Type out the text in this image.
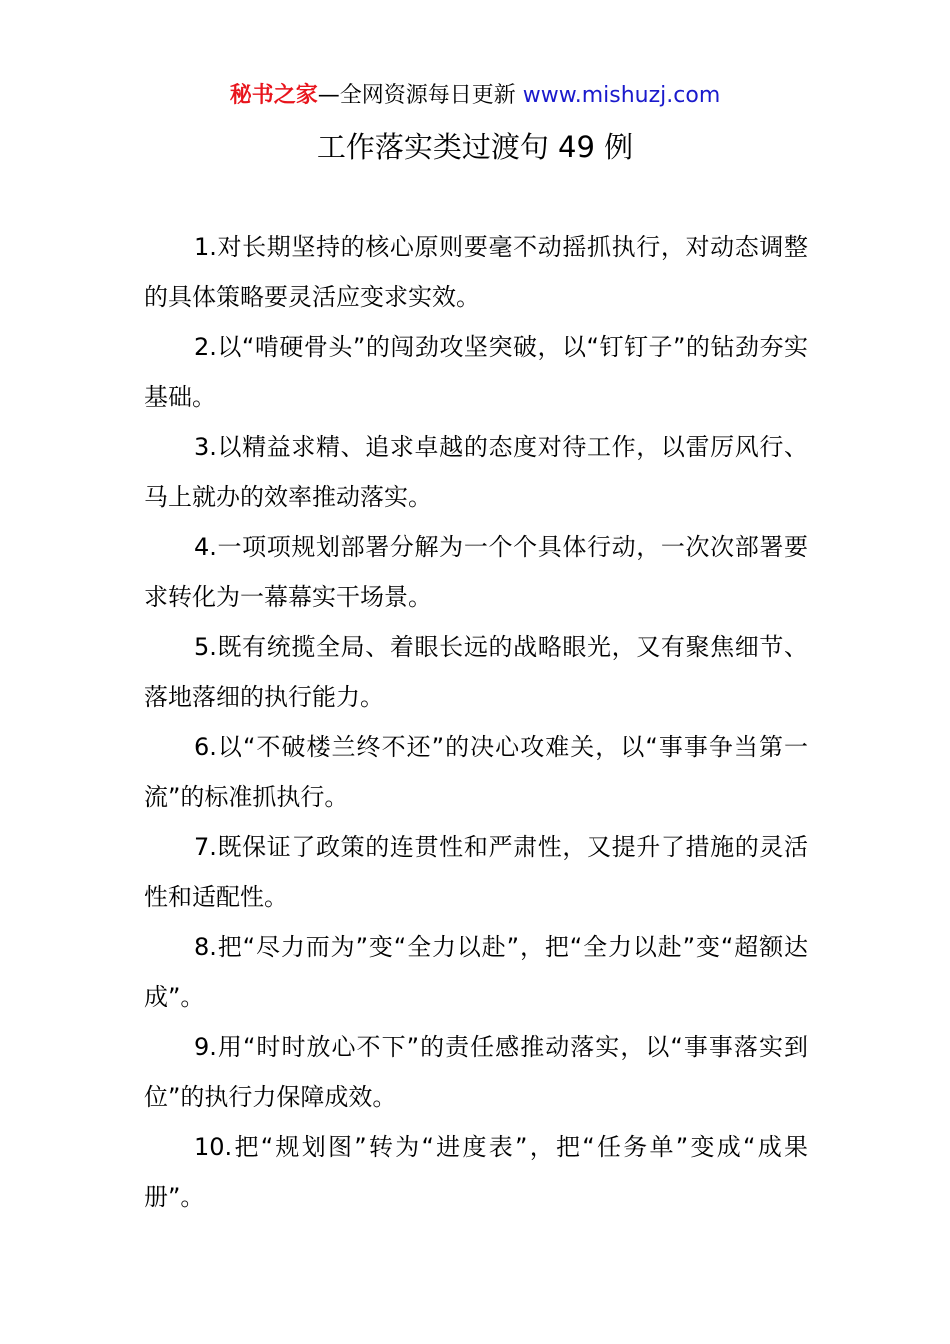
秘书之家—全网资源每日更新 www.mishuzj.com
工作落实类过渡句 49 例
1.对长期坚持的核心原则要毫不动摇抓执行，对动态调整的具体策略要灵活应变求实效。
2.以“啃硬骨头”的闯劲攻坚突破，以“钉钉子”的钻劲夯实基础。
3.以精益求精、追求卓越的态度对待工作，以雷厉风行、马上就办的效率推动落实。
4.一项项规划部署分解为一个个具体行动，一次次部署要求转化为一幕幕实干场景。
5.既有统揽全局、着眼长远的战略眼光，又有聚焦细节、落地落细的执行能力。
6.以“不破楼兰终不还”的决心攻难关，以“事事争当第一流”的标准抓执行。
7.既保证了政策的连贯性和严肃性，又提升了措施的灵活性和适配性。
8.把“尽力而为”变“全力以赴”，把“全力以赴”变“超额达成”。
9.用“时时放心不下”的责任感推动落实，以“事事落实到位”的执行力保障成效。
10.把“规划图”转为“进度表”，把“任务单”变成“成果册”。
